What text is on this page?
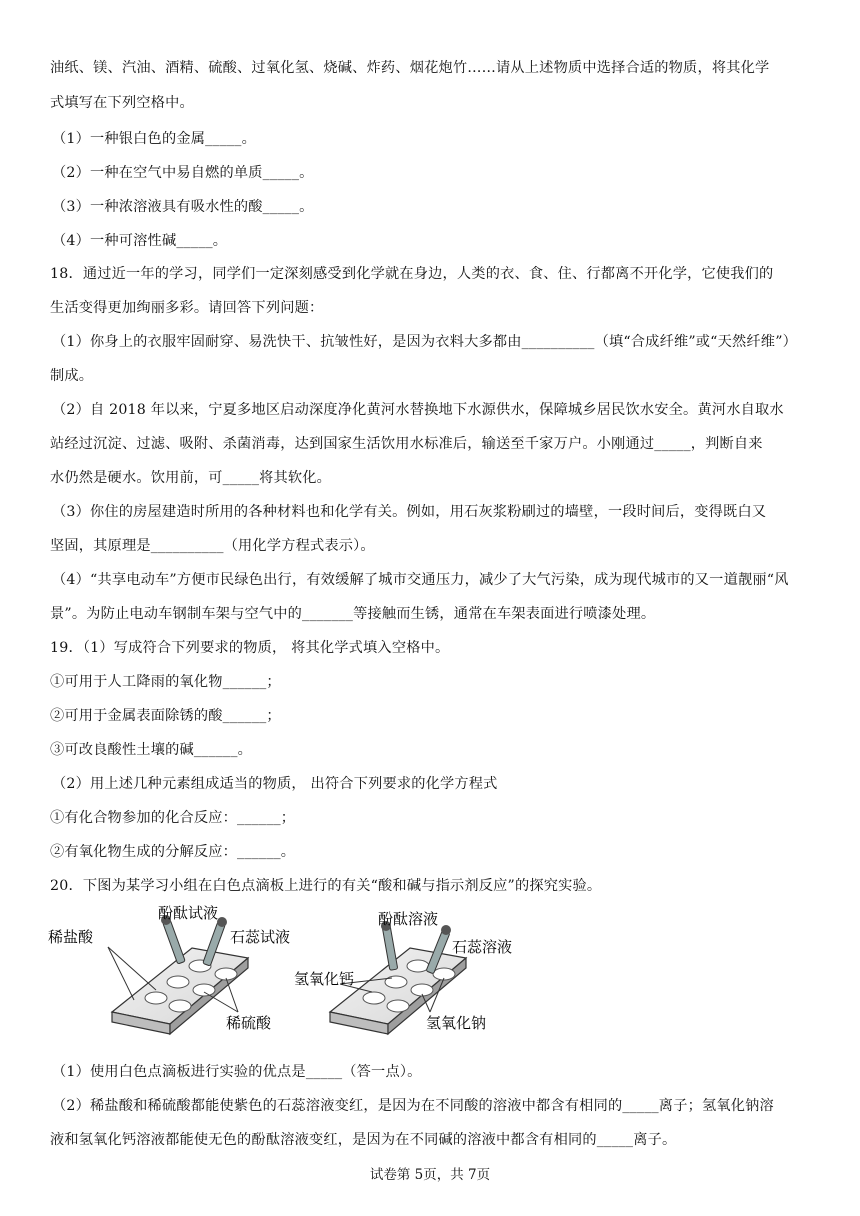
油纸、镁、汽油、酒精、硫酸、过氧化氢、烧碱、炸药、烟花炮竹……请从上述物质中选择合适的物质，将其化学
式填写在下列空格中。
（1）一种银白色的金属_____。
（2）一种在空气中易自燃的单质_____。
（3）一种浓溶液具有吸水性的酸_____。
（4）一种可溶性碱_____。
18．通过近一年的学习，同学们一定深刻感受到化学就在身边，人类的衣、食、住、行都离不开化学，它使我们的
生活变得更加绚丽多彩。请回答下列问题：
（1）你身上的衣服牢固耐穿、易洗快干、抗皱性好，是因为衣料大多都由__________（填“合成纤维”或“天然纤维”）
制成。
（2）自 2018 年以来，宁夏多地区启动深度净化黄河水替换地下水源供水，保障城乡居民饮水安全。黄河水自取水
站经过沉淀、过滤、吸附、杀菌消毒，达到国家生活饮用水标准后，输送至千家万户。小刚通过_____，判断自来
水仍然是硬水。饮用前，可_____将其软化。
（3）你住的房屋建造时所用的各种材料也和化学有关。例如，用石灰浆粉刷过的墙壁，一段时间后，变得既白又
坚固，其原理是__________（用化学方程式表示）。
（4）“共享电动车”方便市民绿色出行，有效缓解了城市交通压力，减少了大气污染，成为现代城市的又一道靓丽“风
景”。为防止电动车钢制车架与空气中的_______等接触而生锈，通常在车架表面进行喷漆处理。
19．（1）写成符合下列要求的物质， 将其化学式填入空格中。
①可用于人工降雨的氧化物______；
②可用于金属表面除锈的酸______；
③可改良酸性土壤的碱______。
（2）用上述几种元素组成适当的物质， 出符合下列要求的化学方程式
①有化合物参加的化合反应：______；
②有氧化物生成的分解反应：______。
20．下图为某学习小组在白色点滴板上进行的有关“酸和碱与指示剂反应”的探究实验。
酚酞试液
稀盐酸	石蕊试液
稀硫酸
酚酞溶液
氢氧化钙
石蕊溶液
氢氧化钠
（1）使用白色点滴板进行实验的优点是_____（答一点）。
（2）稀盐酸和稀硫酸都能使紫色的石蕊溶液变红，是因为在不同酸的溶液中都含有相同的_____离子；氢氧化钠溶
液和氢氧化钙溶液都能使无色的酚酞溶液变红，是因为在不同碱的溶液中都含有相同的_____离子。
试卷第 5页，共 7页
